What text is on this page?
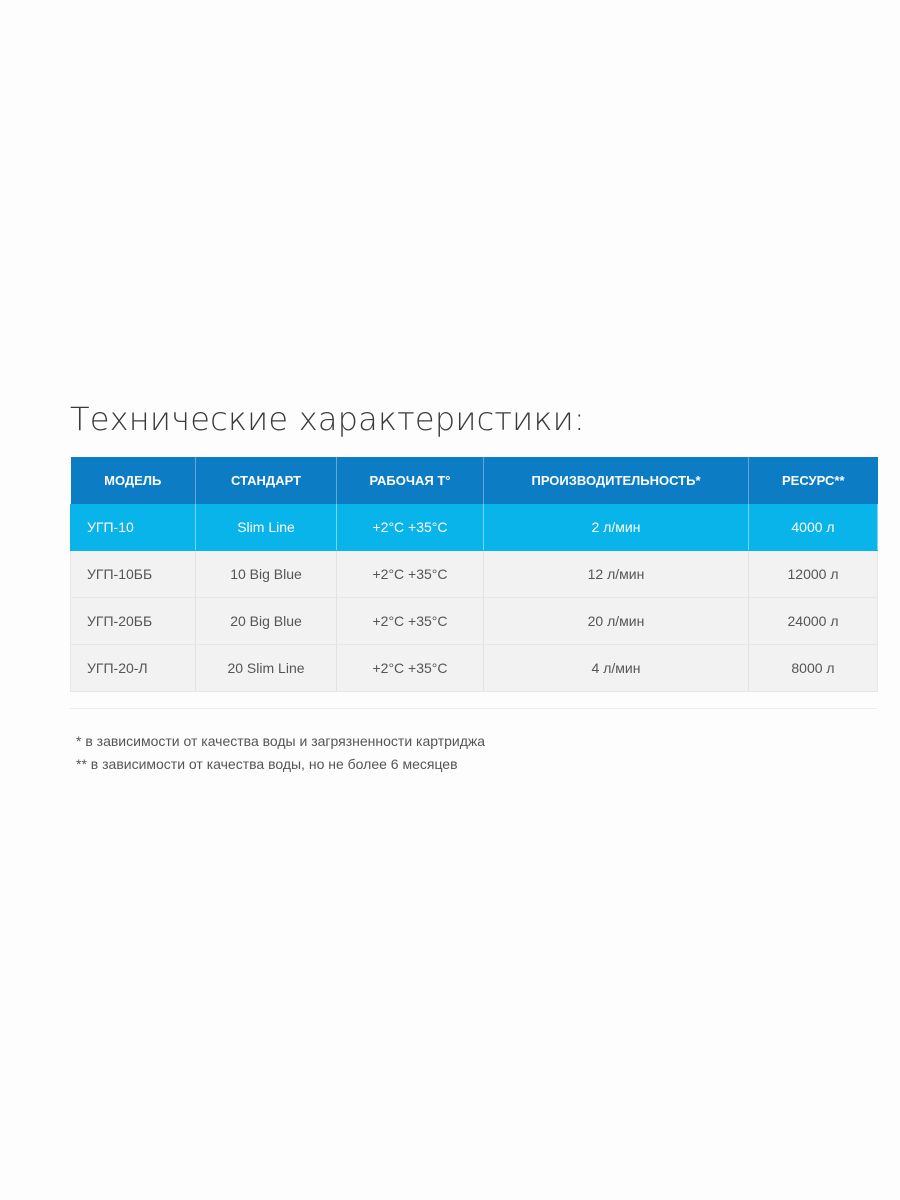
Технические характеристики:
МОДЕЛЬ	СТАНДАРТ	РАБОЧАЯ Т°	ПРОИЗВОДИТЕЛЬНОСТЬ*	РЕСУРС**
УГП-10	Slim Line	+2°C +35°C	2 л/мин	4000 л
УГП-10ББ	10 Big Blue	+2°C +35°C	12 л/мин	12000 л
УГП-20ББ	20 Big Blue	+2°C +35°C	20 л/мин	24000 л
УГП-20-Л	20 Slim Line	+2°C +35°C	4 л/мин	8000 л
* в зависимости от качества воды и загрязненности картриджа
** в зависимости от качества воды, но не более 6 месяцев
